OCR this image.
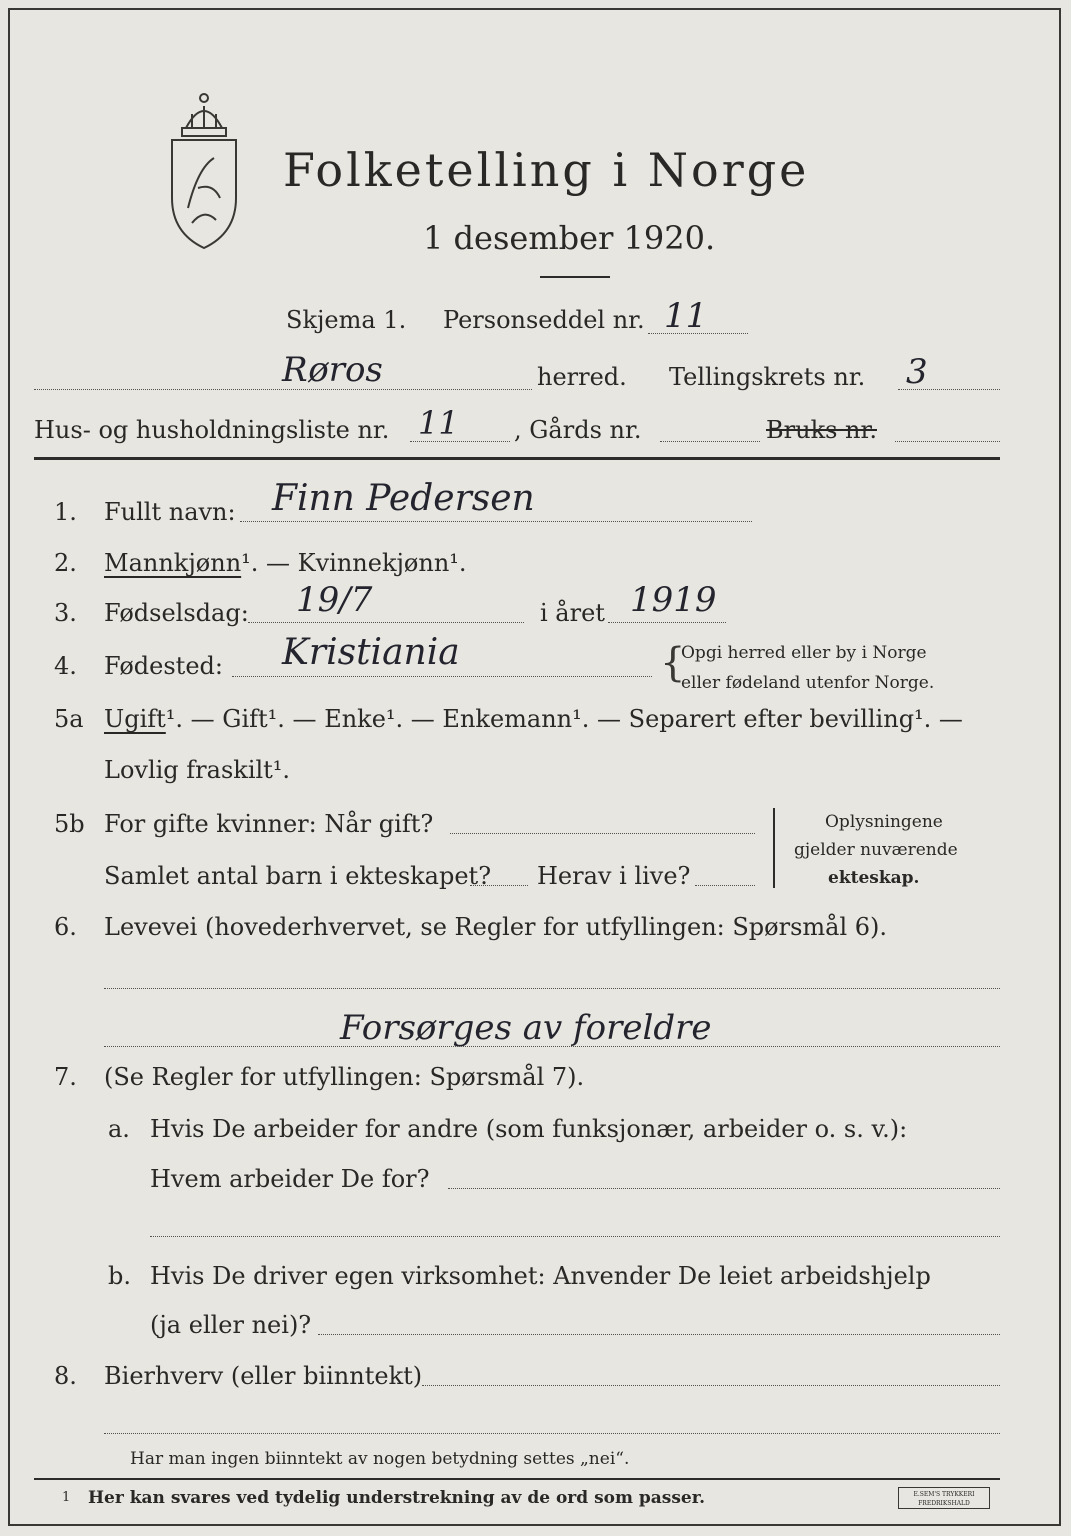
Folketelling i Norge
1 desember 1920.
Skjema 1. Personseddel nr. 11
Røros	herred. Tellingskrets nr. 3
Hus- og husholdningsliste nr. 11 , Gårds nr.	Bruks nr.
1. Fullt navn: Finn Pedersen
2. Mannkjønn¹. — Kvinnekjønn¹.
3. Fødselsdag: 19/7	i året 1919
4. Fødested: Kristiania	{
Opgi herred eller by i Norge
eller fødeland utenfor Norge.
5a Ugift¹. — Gift¹. — Enke¹. — Enkemann¹. — Separert efter bevilling¹. —
Lovlig fraskilt¹.
5b For gifte kvinner: Når gift?
Samlet antal barn i ekteskapet? Herav i live?
Oplysningene
gjelder nuværende
ekteskap.
6. Levevei (hovederhvervet, se Regler for utfyllingen: Spørsmål 6).
Forsørges av foreldre
7. (Se Regler for utfyllingen: Spørsmål 7).
a. Hvis De arbeider for andre (som funksjonær, arbeider o. s. v.):
Hvem arbeider De for?
b. Hvis De driver egen virksomhet: Anvender De leiet arbeidshjelp
(ja eller nei)?
8. Bierhverv (eller biinntekt)
Har man ingen biinntekt av nogen betydning settes „nei“.
1 Her kan svares ved tydelig understrekning av de ord som passer.	E.SEM'S TRYKKERI
FREDRIKSHALD
